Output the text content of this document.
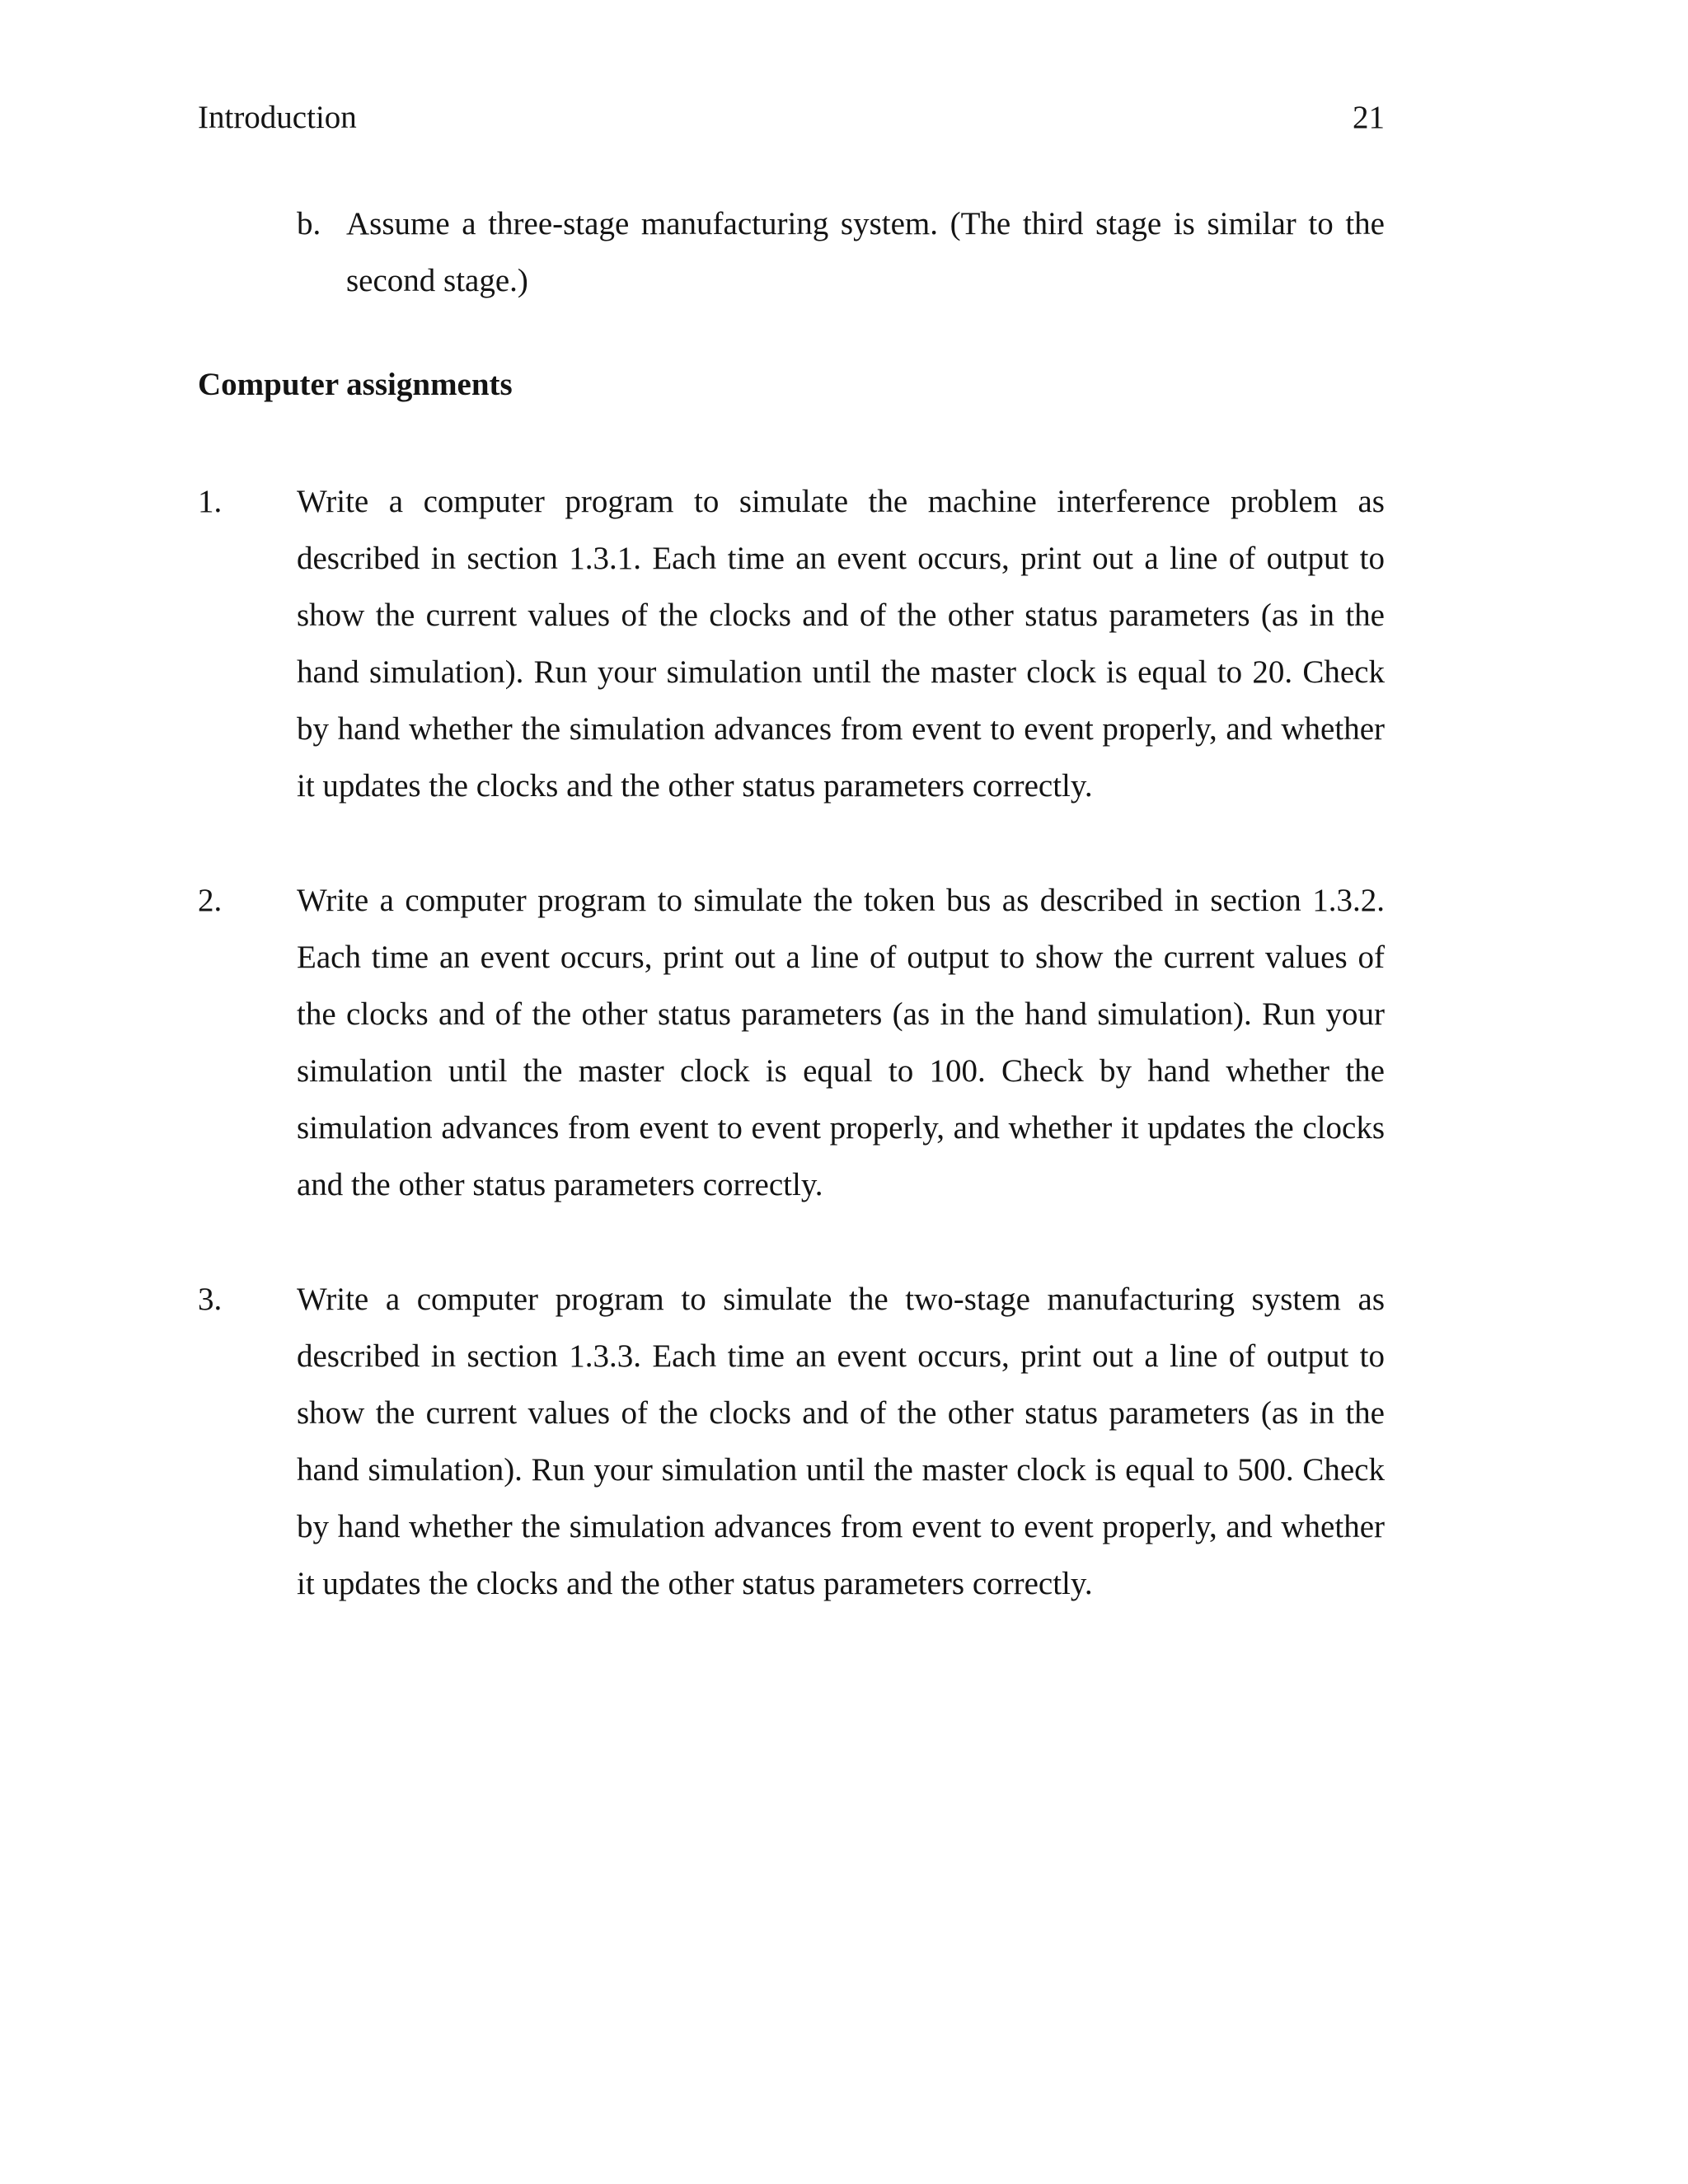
Introduction	21
b. Assume a three-stage manufacturing system. (The third stage is similar to the second stage.)
Computer assignments
1.	Write a computer program to simulate the machine interference problem as described in section 1.3.1. Each time an event occurs, print out a line of output to show the current values of the clocks and of the other status parameters (as in the hand simulation). Run your simulation until the master clock is equal to 20. Check by hand whether the simulation advances from event to event properly, and whether it updates the clocks and the other status parameters correctly.
2.	Write a computer program to simulate the token bus as described in section 1.3.2. Each time an event occurs, print out a line of output to show the current values of the clocks and of the other status parameters (as in the hand simulation). Run your simulation until the master clock is equal to 100. Check by hand whether the simulation advances from event to event properly, and whether it updates the clocks and the other status parameters correctly.
3.	Write a computer program to simulate the two-stage manufacturing system as described in section 1.3.3. Each time an event occurs, print out a line of output to show the current values of the clocks and of the other status parameters (as in the hand simulation). Run your simulation until the master clock is equal to 500. Check by hand whether the simulation advances from event to event properly, and whether it updates the clocks and the other status parameters correctly.
